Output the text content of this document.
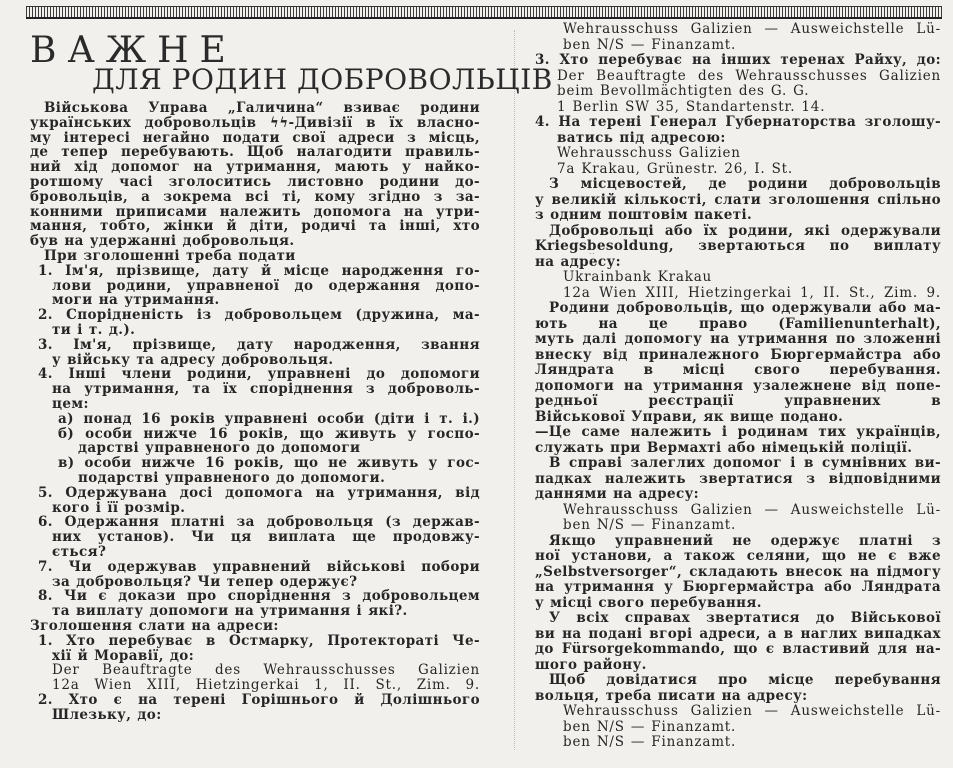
ВАЖНЕ
ДЛЯ РОДИН ДОБРОВОЛЬЦІВ
Військова Управа „Галичина“ взиває родини
українських добровольців ϟϟ-Дивізії в їх власно-
му інтересі негайно подати свої адреси з місць,
де тепер перебувають. Щоб налагодити правиль-
ний хід допомог на утримання, мають у найко-
ротшому часі зголоситись листовно родини до-
бровольців, а зокрема всі ті, кому згідно з за-
конними приписами належить допомога на утри-
мання, тобто, жінки й діти, родичі та інші, хто
був на удержанні добровольця.
При зголошенні треба подати
1. Ім'я, прізвище, дату й місце народження го-
лови родини, управненої до одержання допо-
моги на утримання.
2. Спорідненість із добровольцем (дружина, ма-
ти і т. д.).
3. Ім'я, прізвище, дату народження, звання
у війську та адресу добровольця.
4. Інші члени родини, управнені до допомоги
на утримання, та їх споріднення з доброволь-
цем:
а) понад 16 років управнені особи (діти і т. і.)
б) особи нижче 16 років, що живуть у госпо-
дарстві управненого до допомоги
в) особи нижче 16 років, що не живуть у гос-
подарстві управненого до допомоги.
5. Одержувана досі допомога на утримання, від
кого і її розмір.
6. Одержання платні за добровольця (з держав-
них установ). Чи ця виплата ще продовжу-
ється?
7. Чи одержував управнений військові побори
за добровольця? Чи тепер одержує?
8. Чи є докази про споріднення з добровольцем
та виплату допомоги на утримання і які?.
Зголошення слати на адреси:
1. Хто перебуває в Остмарку, Протектораті Че-
хії й Моравії, до:
Der Beauftragte des Wehrausschusses Galizien
12a Wien XIII, Hietzingerkai 1, II. St., Zim. 9.
2. Хто є на терені Горішнього й Долішнього
Шлезьку, до:
Wehrausschuss Galizien — Ausweichstelle Lü-
ben N/S — Finanzamt.
3. Хто перебуває на інших теренах Райху, до:
Der Beauftragte des Wehrausschusses Galizien
beim Bevollmächtigten des G. G.
1 Berlin SW 35, Standartenstr. 14.
4. На терені Генерал Губернаторства зголошу-
ватись під адресою:
Wehrausschuss Galizien
7a Krakau, Grünestr. 26, I. St.
З місцевостей, де родини добровольців
у великій кількості, слати зголошення спільно
з одним поштовім пакеті.
Добровольці або їх родини, які одержували
Kriegsbesoldung, звертаються по виплату
на адресу:
Ukrainbank Krakau
12a Wien XIII, Hietzingerkai 1, II. St., Zim. 9.
Родини добровольців, що одержували або ма-
ють на це право (Familienunterhalt),
муть далі допомогу на утримання по зложенні
внеску від приналежного Бюргермайстра або
Ляндрата в місці свого перебування.
допомоги на утримання узалежнене від попе-
редньої реєстрації управнених в
Військової Управи, як вище подано.
—Це саме належить і родинам тих українців,
служать при Вермахті або німецькій поліції.
В справі залеглих допомог і в сумнівних ви-
падках належить звертатися з відповідними
даннями на адресу:
Wehrausschuss Galizien — Ausweichstelle Lü-
ben N/S — Finanzamt.
Якщо управнений не одержує платні з
ної установи, а також селяни, що не є вже
„Selbstversorger“, складають внесок на підмогу
на утримання у Бюргермайстра або Ляндрата
у місці свого перебування.
У всіх справах звертатися до Військової
ви на подані вгорі адреси, а в наглих випадках
до Fürsorgekommando, що є властивий для на-
шого району.
Щоб довідатися про місце перебування
вольця, треба писати на адресу:
Wehrausschuss Galizien — Ausweichstelle Lü-
ben N/S — Finanzamt.
ben N/S — Finanzamt.
